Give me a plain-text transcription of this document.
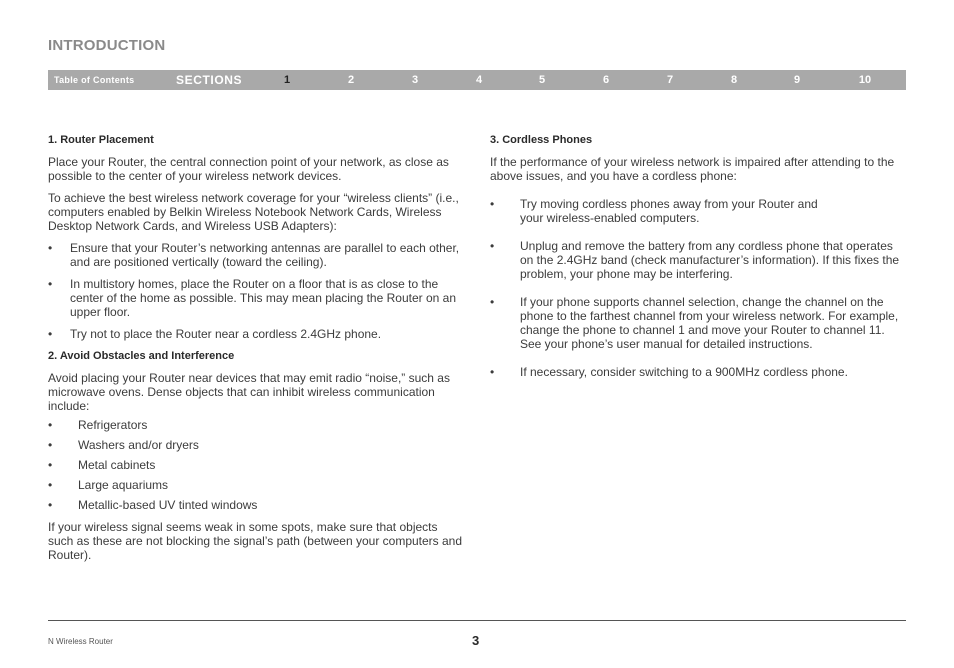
INTRODUCTION
Table of Contents	SECTIONS	1	2	3	4	5	6	7	8	9	10
1. Router Placement

Place your Router, the central connection point of your network, as close as possible to the center of your wireless network devices.

To achieve the best wireless network coverage for your “wireless clients” (i.e., computers enabled by Belkin Wireless Notebook Network Cards, Wireless Desktop Network Cards, and Wireless USB Adapters):

• Ensure that your Router’s networking antennas are parallel to each other, and are positioned vertically (toward the ceiling).
• In multistory homes, place the Router on a floor that is as close to the center of the home as possible. This may mean placing the Router on an upper floor.
• Try not to place the Router near a cordless 2.4GHz phone.
2. Avoid Obstacles and Interference

Avoid placing your Router near devices that may emit radio “noise,” such as microwave ovens. Dense objects that can inhibit wireless communication include:

• Refrigerators
• Washers and/or dryers
• Metal cabinets
• Large aquariums
• Metallic-based UV tinted windows

If your wireless signal seems weak in some spots, make sure that objects such as these are not blocking the signal’s path (between your computers and Router).

3. Cordless Phones

If the performance of your wireless network is impaired after attending to the above issues, and you have a cordless phone:

• Try moving cordless phones away from your Router and your wireless-enabled computers.
• Unplug and remove the battery from any cordless phone that operates on the 2.4GHz band (check manufacturer’s information). If this fixes the problem, your phone may be interfering.
• If your phone supports channel selection, change the channel on the phone to the farthest channel from your wireless network. For example, change the phone to channel 1 and move your Router to channel 11. See your phone’s user manual for detailed instructions.
• If necessary, consider switching to a 900MHz cordless phone.
N Wireless Router	3
